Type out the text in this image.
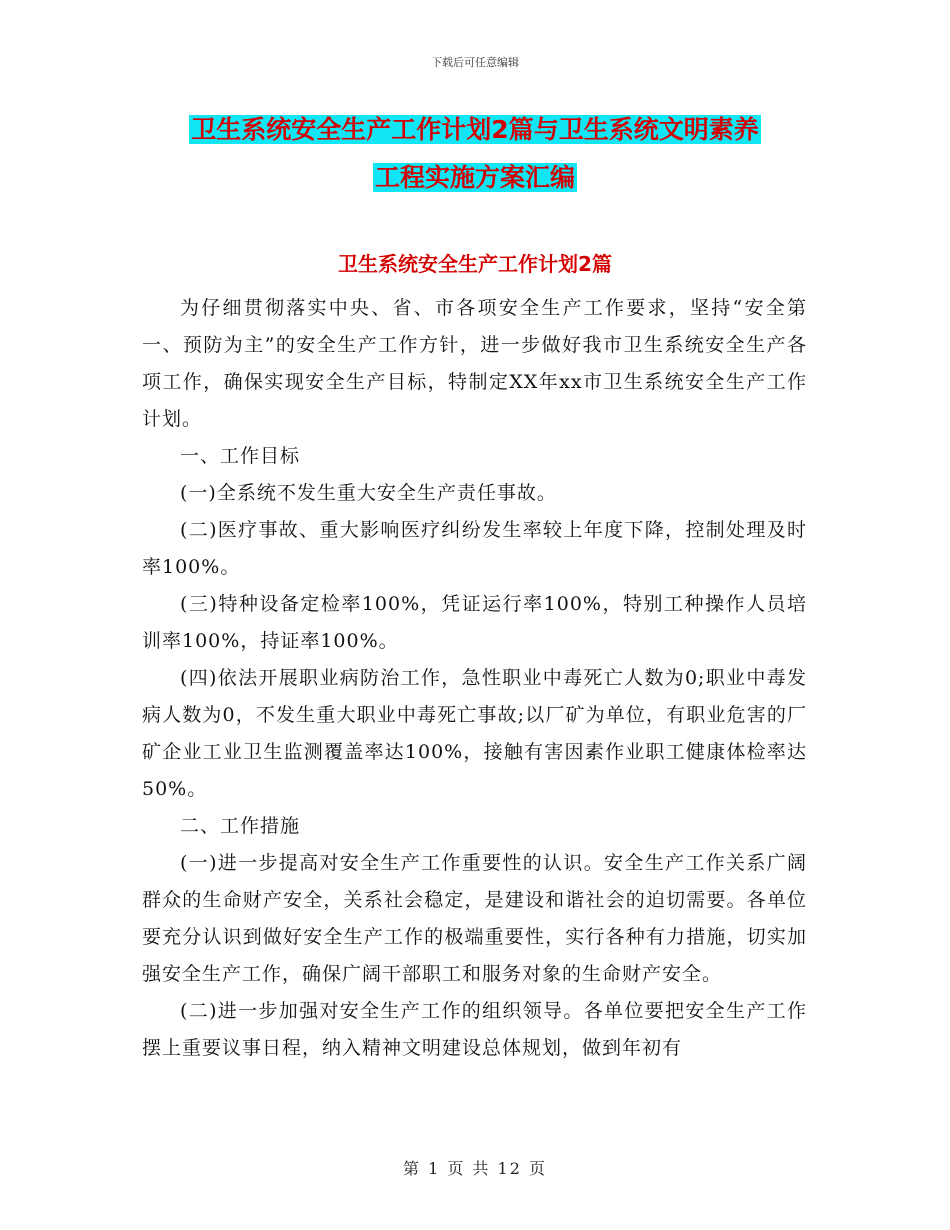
下载后可任意编辑
卫生系统安全生产工作计划2篇与卫生系统文明素养
工程实施方案汇编
卫生系统安全生产工作计划2篇

为仔细贯彻落实中央、省、市各项安全生产工作要求，坚持“安全第一、预防为主”的安全生产工作方针，进一步做好我市卫生系统安全生产各项工作，确保实现安全生产目标，特制定XX年xx市卫生系统安全生产工作计划。

一、工作目标

(一)全系统不发生重大安全生产责任事故。

(二)医疗事故、重大影响医疗纠纷发生率较上年度下降，控制处理及时率100%。

(三)特种设备定检率100%，凭证运行率100%，特别工种操作人员培训率100%，持证率100%。

(四)依法开展职业病防治工作，急性职业中毒死亡人数为0;职业中毒发病人数为0，不发生重大职业中毒死亡事故;以厂矿为单位，有职业危害的厂矿企业工业卫生监测覆盖率达100%，接触有害因素作业职工健康体检率达50%。

二、工作措施

(一)进一步提高对安全生产工作重要性的认识。安全生产工作关系广阔群众的生命财产安全，关系社会稳定，是建设和谐社会的迫切需要。各单位要充分认识到做好安全生产工作的极端重要性，实行各种有力措施，切实加强安全生产工作，确保广阔干部职工和服务对象的生命财产安全。

(二)进一步加强对安全生产工作的组织领导。各单位要把安全生产工作摆上重要议事日程，纳入精神文明建设总体规划，做到年初有

第 1 页 共 12 页
